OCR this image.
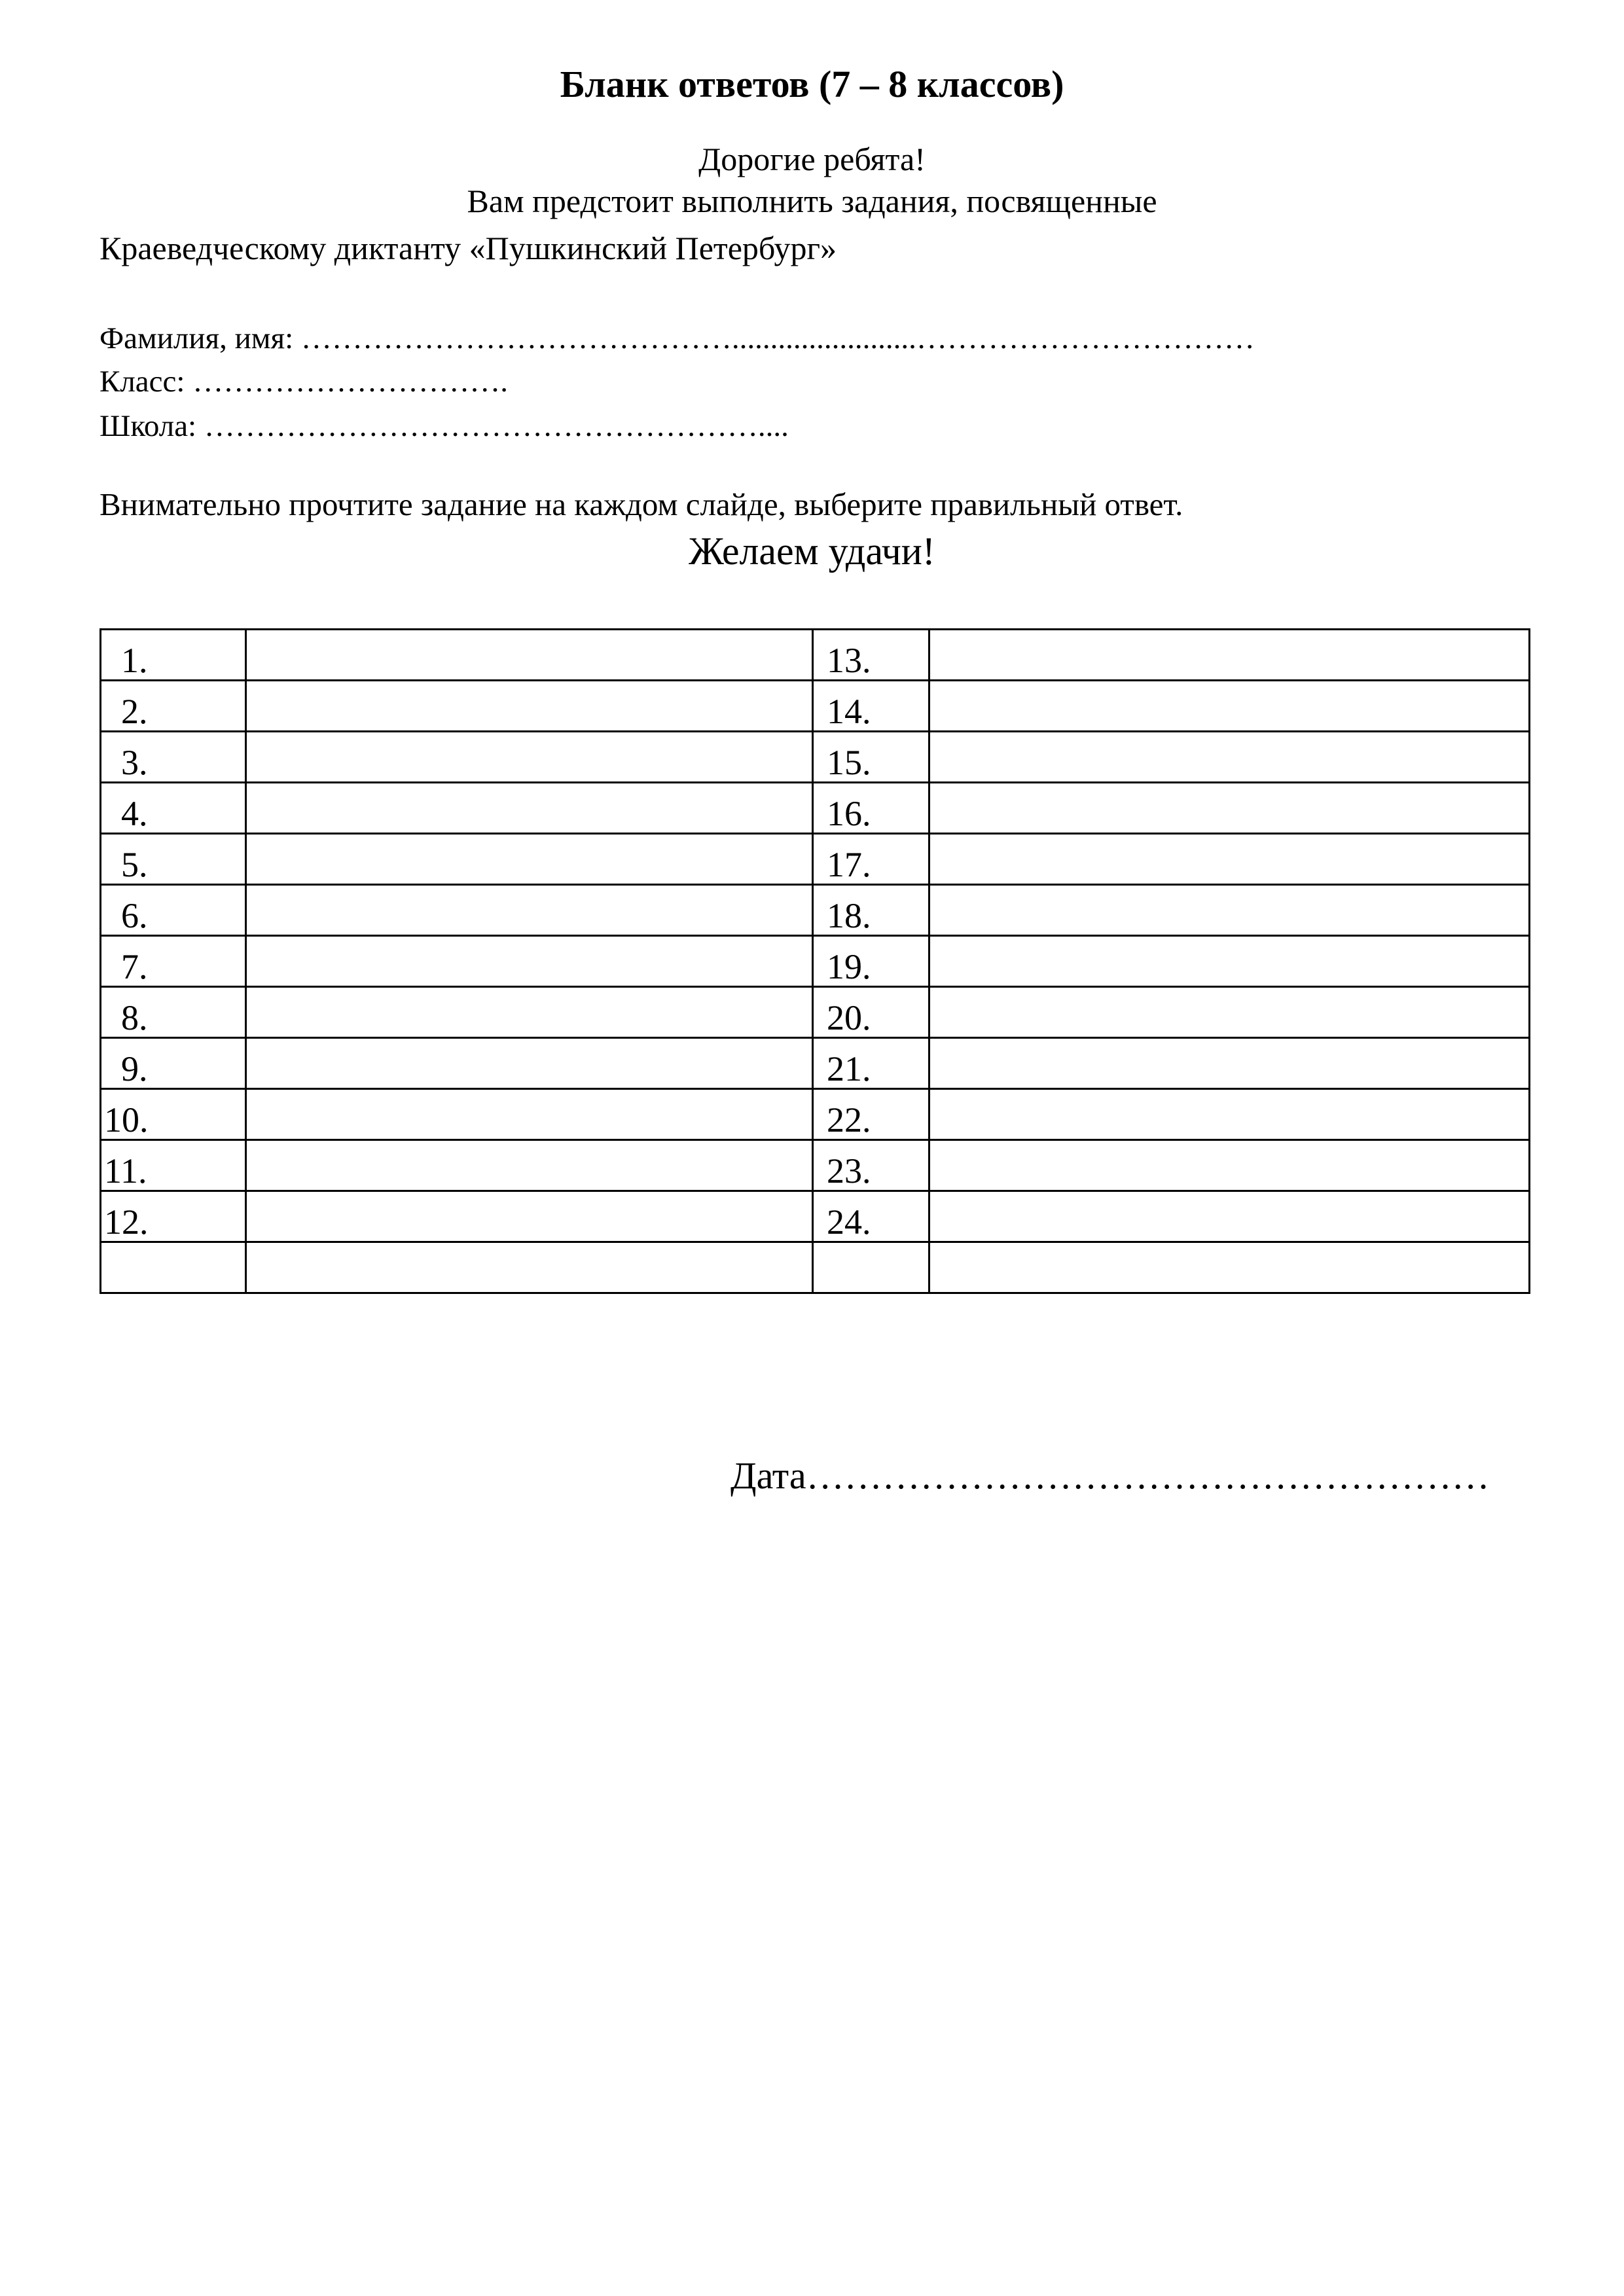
Бланк ответов (7 – 8 классов)
Дорогие ребята!
Вам предстоит выполнить задания, посвященные
Краеведческому диктанту «Пушкинский Петербург»
Фамилия, имя: ……………………………………........................……………………………
Класс: ………………………….
Школа: ………………………………………………....
Внимательно прочтите задание на каждом слайде, выберите правильный ответ.
Желаем удачи!
1.		13.	
2.		14.	
3.		15.	
4.		16.	
5.		17.	
6.		18.	
7.		19.	
8.		20.	
9.		21.	
10.		22.	
11.		23.	
12.		24.	

Дата………………………………………………
